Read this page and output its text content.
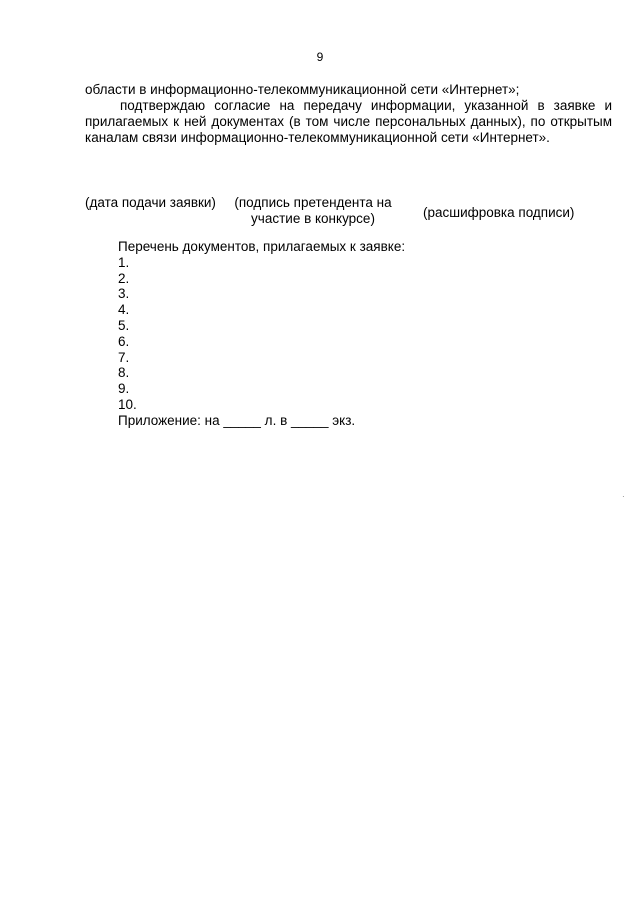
9
области в информационно-телекоммуникационной сети «Интернет»;
подтверждаю согласие на передачу информации, указанной в заявке и прилагаемых к ней документах (в том числе персональных данных), по открытым каналам связи информационно-телекоммуникационной сети «Интернет».
(дата подачи заявки)	(подпись претендента на участие в конкурсе)	(расшифровка подписи)
Перечень документов, прилагаемых к заявке:
1.
2.
3.
4.
5.
6.
7.
8.
9.
10.
Приложение: на _____ л. в _____ экз.
·
